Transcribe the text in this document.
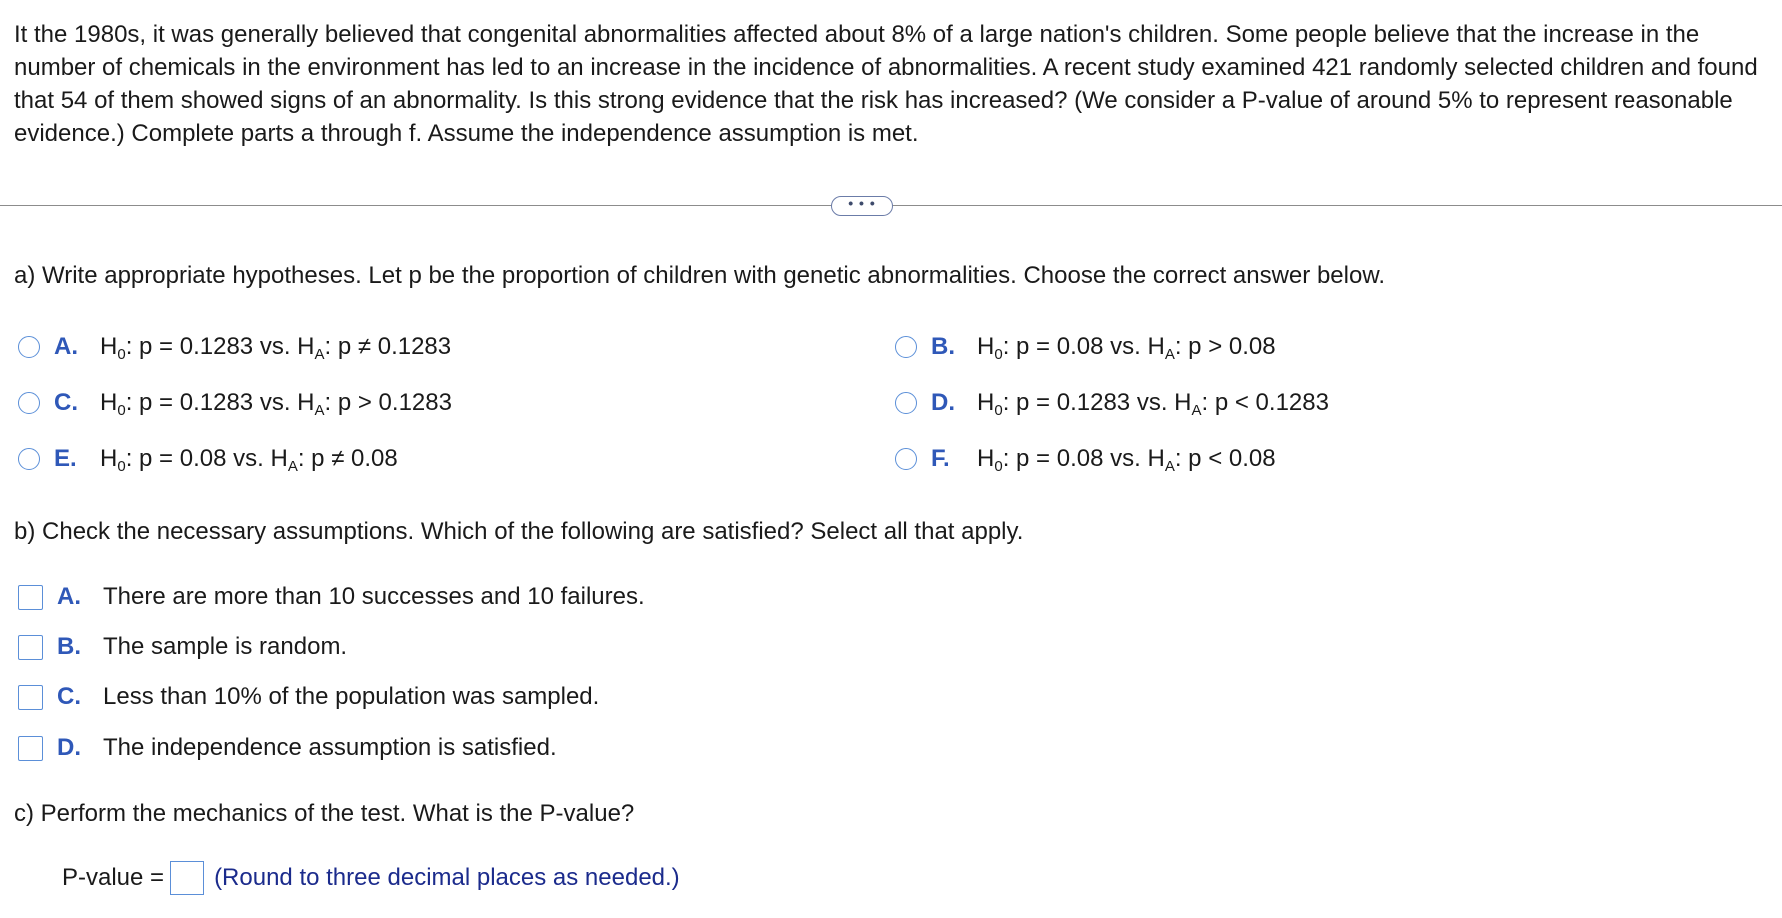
It the 1980s, it was generally believed that congenital abnormalities affected about 8% of a large nation's children. Some people believe that the increase in the number of chemicals in the environment has led to an increase in the incidence of abnormalities. A recent study examined 421 randomly selected children and found that 54 of them showed signs of an abnormality. Is this strong evidence that the risk has increased? (We consider a P-value of around 5% to represent reasonable evidence.) Complete parts a through f. Assume the independence assumption is met.
• • •
a) Write appropriate hypotheses. Let p be the proportion of children with genetic abnormalities. Choose the correct answer below.
A. $H_0$: p = 0.1283 vs. $H_A$: p ≠ 0.1283	B. $H_0$: p = 0.08 vs. $H_A$: p > 0.08
C. $H_0$: p = 0.1283 vs. $H_A$: p > 0.1283	D. $H_0$: p = 0.1283 vs. $H_A$: p < 0.1283
E. $H_0$: p = 0.08 vs. $H_A$: p ≠ 0.08	F.	$H_0$: p = 0.08 vs. $H_A$: p < 0.08
b) Check the necessary assumptions. Which of the following are satisfied? Select all that apply.
A. There are more than 10 successes and 10 failures.
B. The sample is random.
C. Less than 10% of the population was sampled.
D. The independence assumption is satisfied.
c) Perform the mechanics of the test. What is the P-value?
P-value = (Round to three decimal places as needed.)
